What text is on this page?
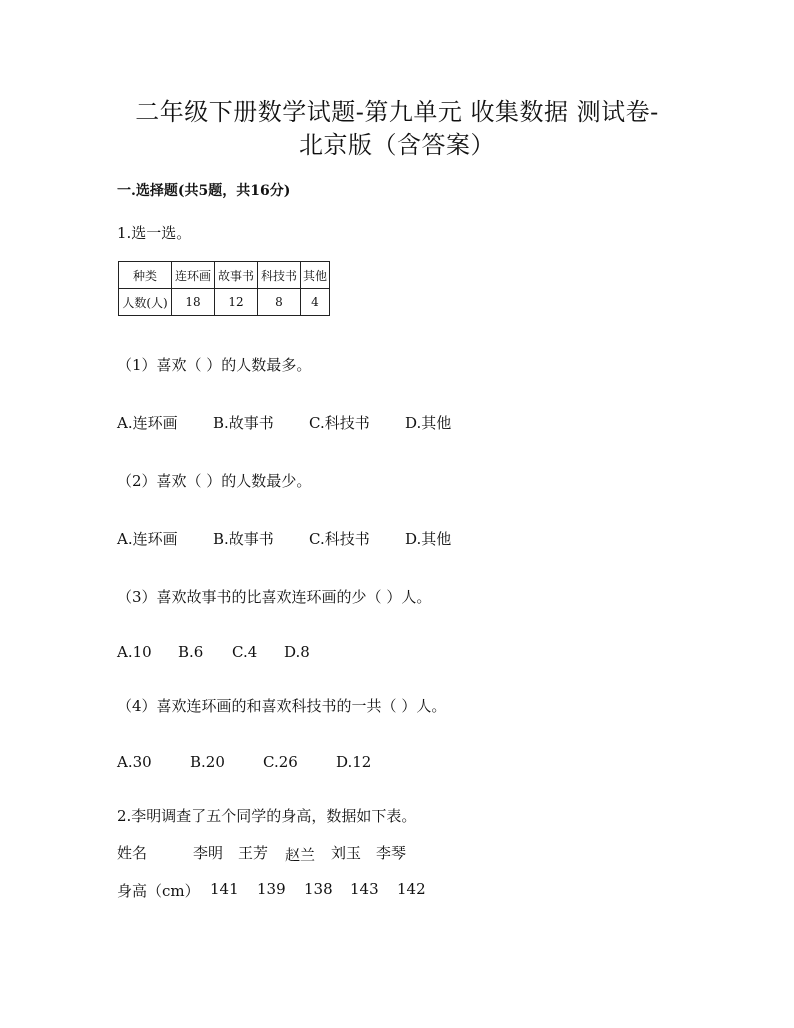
二年级下册数学试题-第九单元 收集数据 测试卷-
北京版（含答案）
一.选择题(共5题，共16分)
1.选一选。
种类	连环画	故事书	科技书	其他
人数(人)	18	12	8	4
（1）喜欢（ ）的人数最多。
A.连环画 B.故事书 C.科技书 D.其他
（2）喜欢（ ）的人数最少。
A.连环画 B.故事书 C.科技书 D.其他
（3）喜欢故事书的比喜欢连环画的少（ ）人。
A.10 B.6 C.4 D.8
（4）喜欢连环画的和喜欢科技书的一共（ ）人。
A.30	B.20	C.26	D.12
2.李明调查了五个同学的身高，数据如下表。
姓名	李明 王芳 赵兰 刘玉 李琴
身高（cm） 141 139 138 143 142
